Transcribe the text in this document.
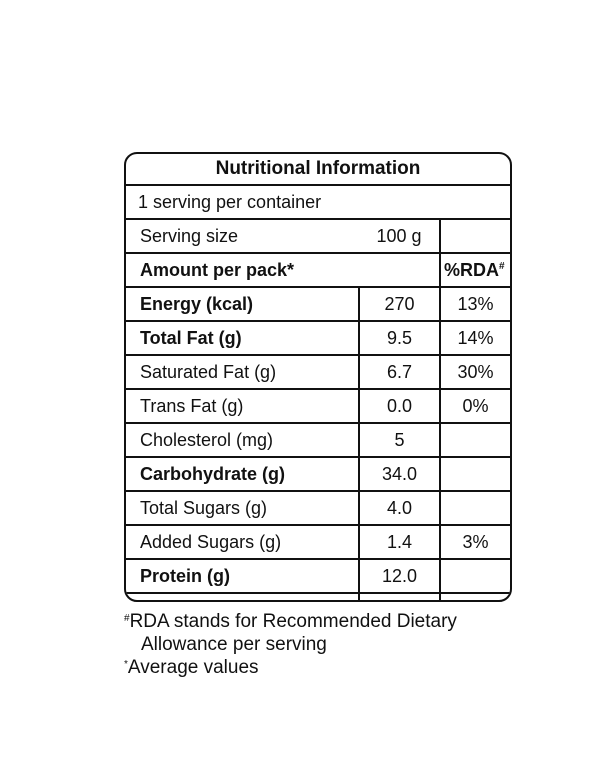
Nutritional Information
1 serving per container
Serving size	100 g	
Amount per pack*		%RDA#
Energy (kcal)	270	13%
Total Fat (g)	9.5	14%
Saturated Fat (g)	6.7	30%
Trans Fat (g)	0.0	0%
Cholesterol (mg)	5	
Carbohydrate (g)	34.0	
Total Sugars (g)	4.0	
Added Sugars (g)	1.4	3%
Protein (g)	12.0	

#RDA stands for Recommended Dietary
Allowance per serving
*Average values
